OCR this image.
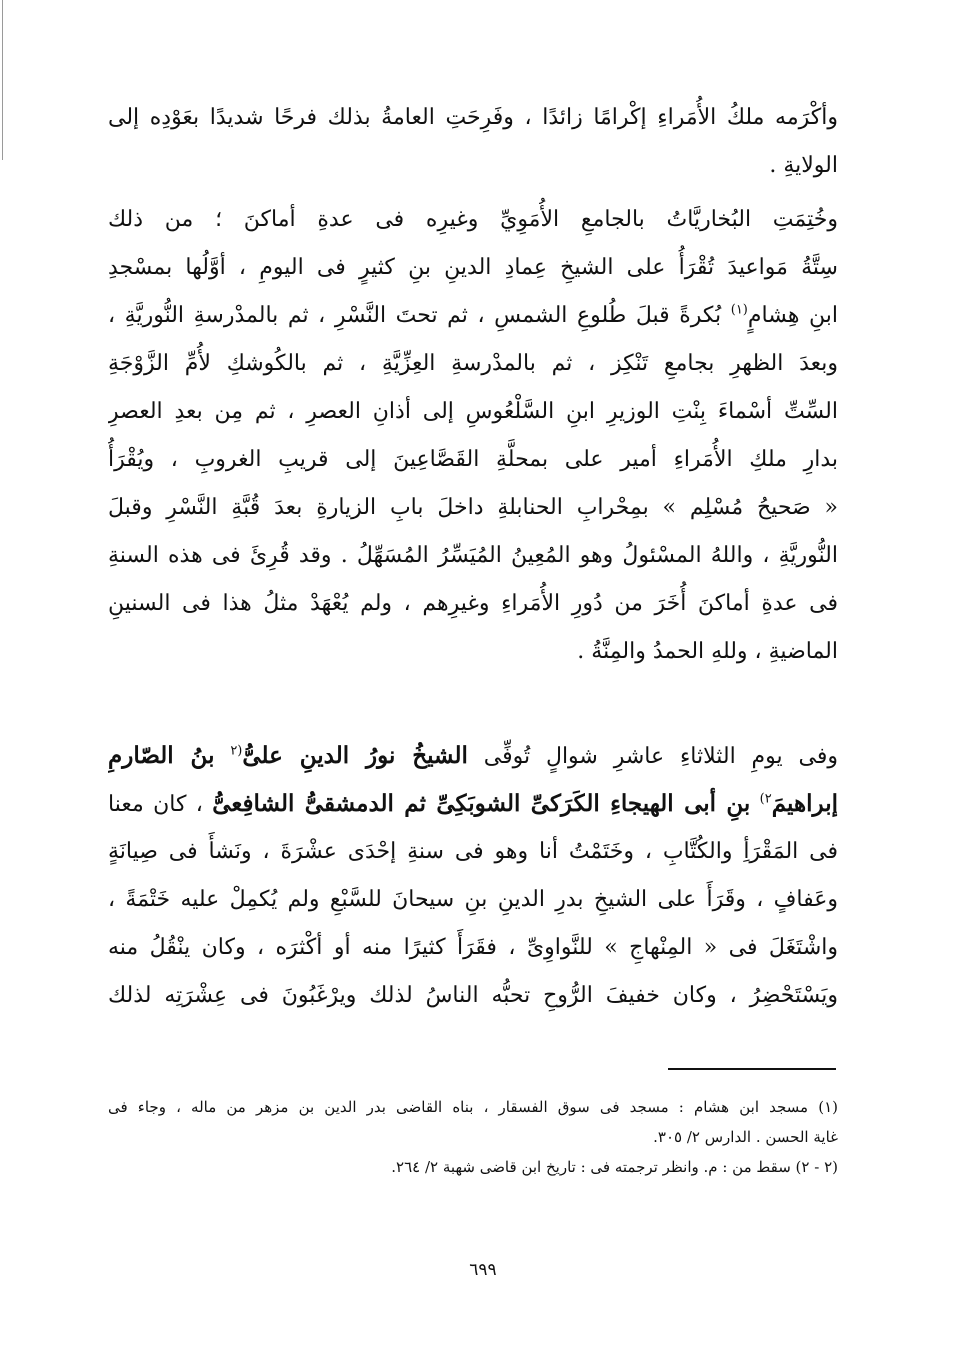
وأكْرَمه ملكُ الأُمَراءِ إكْرامًا زائدًا ، وفَرِحَتِ العامةُ بذلك فرحًا شديدًا بعَوْدِه إلى
الولايةِ .
وخُتِمَتِ البُخاريَّاتُ بالجامعِ الأُمَوِيِّ وغيرِه فى عدةِ أماكنَ ؛ من ذلك
سِتَّةُ مَواعيدَ تُقْرَأُ على الشيخِ عِمادِ الدينِ بنِ كثيرٍ فى اليومِ ، أوَّلُها بمسْجدِ
ابنِ هِشامٍ$^{(١)}$ بُكرةً قبلَ طُلوعِ الشمسِ ، ثم تحتَ النَّسْرِ ، ثم بالمدْرسةِ النُّوريَّةِ ،
وبعدَ الظهرِ بجامعِ تَنْكِز ، ثم بالمدْرسةِ العِزِّيَّةِ ، ثم بالكُوشكِ لأُمِّ الزَّوْجَةِ
السِّتِّ أسْماءَ بِنْتِ الوزيرِ ابنِ السَّلْعُوسِ إلى أذانِ العصرِ ، ثم مِن بعدِ العصرِ
بدارِ ملكِ الأُمَراءِ أمير على بمحلَّةِ القَصَّاعِينَ إلى قريبِ الغروبِ ، ويُقْرَأُ
« صَحيحُ مُسْلِم » بمِحْرابِ الحنابلةِ داخلَ بابِ الزيارةِ بعدَ قُبَّةِ النَّسْرِ وقبلَ
النُّوريَّةِ ، واللهُ المسْئولُ وهو المُعِينُ المُيَسِّرُ المُسَهِّلُ . وقد قُرِئَ فى هذه السنةِ
فى عدةِ أماكنَ أُخَرَ من دُورِ الأُمَراءِ وغيرِهم ، ولم يُعْهَدْ مثلُ هذا فى السنينِ
الماضيةِ ، وللهِ الحمدُ والمِنَّةُ .
وفى يومِ الثلاثاءِ عاشرِ شوالٍ تُوفِّى الشيخُ نورُ الدينِ علىُّ$^{(٢}$ بنُ الصّارمِ
إبراهيمَ$^{٢)}$ بنِ أبى الهيجاءِ الكَرَكىِّ الشوبَكِىِّ ثم الدمشقىُّ الشافِعىُّ ، كان معنا
فى المَقْرَأِ والكُتَّابِ ، وخَتَمْتُ أنا وهو فى سنةِ إحْدَى عشْرَةَ ، ونَشأَ فى صِيانَةٍ
وعَفافٍ ، وقَرَأَ على الشيخِ بدرِ الدينِ بنِ سيحانَ للسَّبْعِ ولم يُكمِلْ عليه خَتْمَةً ،
واشْتَغَلَ فى « المِنْهاجِ » للنَّواوِىِّ ، فقَرَأَ كثيرًا منه أو أكْثرَه ، وكان ينْقُلُ منه
ويَسْتَحْضِرُ ، وكان خفيفَ الرُّوحِ تحبُّه الناسُ لذلك ويرْغَبُونَ فى عِشْرَتِه لذلك
(١) مسجد ابن هشام : مسجد فى سوق الفسقار ، بناه القاضى بدر الدين بن مزهر من ماله ، وجاء فى
غاية الحسن . الدارس ٢/ ٣٠٥.
(٢ - ٢) سقط من : م. وانظر ترجمته فى : تاريخ ابن قاضى شهبة ٢/ ٢٦٤.
٦٩٩
